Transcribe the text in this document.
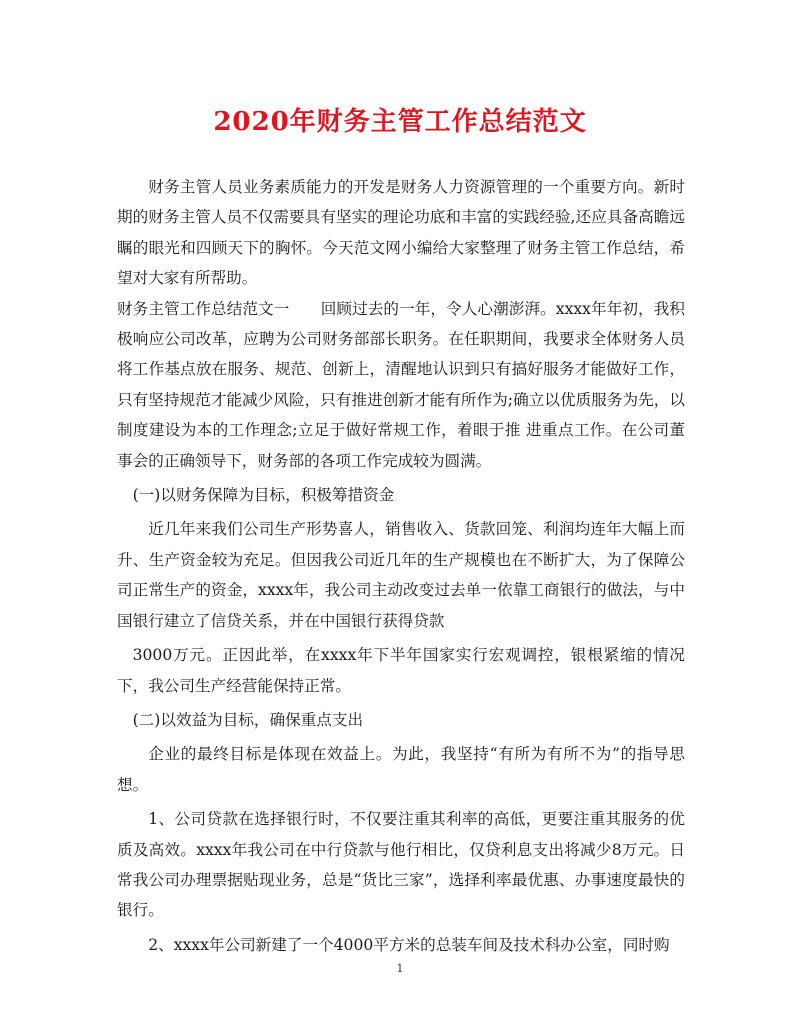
2020年财务主管工作总结范文

财务主管人员业务素质能力的开发是财务人力资源管理的一个重要方向。新时期的财务主管人员不仅需要具有坚实的理论功底和丰富的实践经验,还应具备高瞻远瞩的眼光和四顾天下的胸怀。今天范文网小编给大家整理了财务主管工作总结，希望对大家有所帮助。

财务主管工作总结范文一　　回顾过去的一年，令人心潮澎湃。xxxx年年初，我积极响应公司改革，应聘为公司财务部部长职务。在任职期间，我要求全体财务人员将工作基点放在服务、规范、创新上，清醒地认识到只有搞好服务才能做好工作，只有坚持规范才能减少风险，只有推进创新才能有所作为;确立以优质服务为先，以制度建设为本的工作理念;立足于做好常规工作，着眼于推 进重点工作。在公司董事会的正确领导下，财务部的各项工作完成较为圆满。

(一)以财务保障为目标，积极筹措资金

近几年来我们公司生产形势喜人，销售收入、货款回笼、利润均连年大幅上而升、生产资金较为充足。但因我公司近几年的生产规模也在不断扩大，为了保障公司正常生产的资金，xxxx年，我公司主动改变过去单一依靠工商银行的做法，与中国银行建立了信贷关系，并在中国银行获得贷款

3000万元。正因此举，在xxxx年下半年国家实行宏观调控，银根紧缩的情况下，我公司生产经营能保持正常。

(二)以效益为目标，确保重点支出

企业的最终目标是体现在效益上。为此，我坚持“有所为有所不为”的指导思想。

1、公司贷款在选择银行时，不仅要注重其利率的高低，更要注重其服务的优质及高效。xxxx年我公司在中行贷款与他行相比，仅贷利息支出将减少8万元。日常我公司办理票据贴现业务，总是“货比三家”，选择利率最优惠、办事速度最快的银行。

2、xxxx年公司新建了一个4000平方米的总装车间及技术科办公室，同时购

1
